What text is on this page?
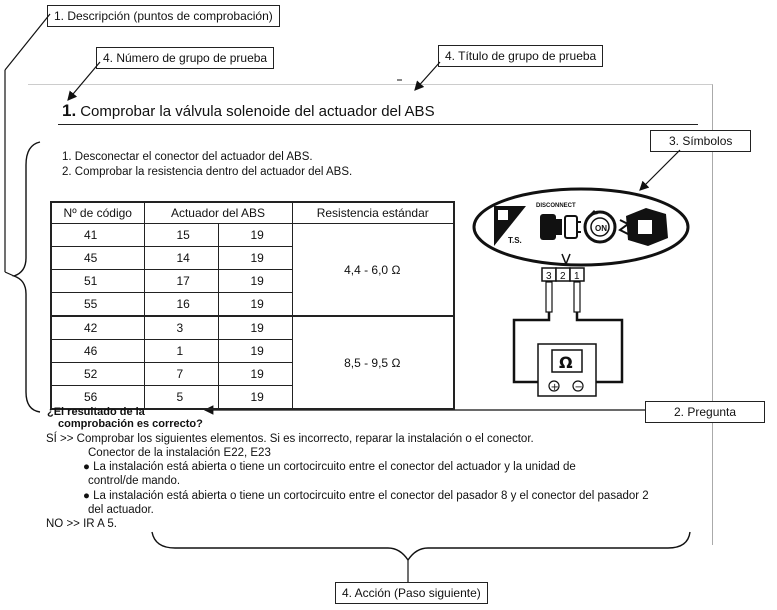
1. Descripción (puntos de comprobación)
4. Número de grupo de prueba	4. Título de grupo de prueba
3. Símbolos
2. Pregunta
4. Acción (Paso siguiente)
1. Comprobar la válvula solenoide del actuador del ABS
1. Desconectar el conector del actuador del ABS.
2. Comprobar la resistencia dentro del actuador del ABS.
Nº de código	Actuador del ABS		Resistencia estándar
41	15	19	4,4 - 6,0 Ω
45	14	19	
51	17	19	
55	16	19	
42	3	19	8,5 - 9,5 Ω
46	1	19	
52	7	19	
56	5	19	
T.S.
DISCONNECT
ON
3 2 1
Ω
+ −
¿El resultado de la
comprobación es correcto?
SÍ >> Comprobar los siguientes elementos. Si es incorrecto, reparar la instalación o el conector.
Conector de la instalación E22, E23
● La instalación está abierta o tiene un cortocircuito entre el conector del actuador y la unidad de
control/de mando.
● La instalación está abierta o tiene un cortocircuito entre el conector del pasador 8 y el conector del pasador 2
del actuador.
NO >> IR A 5.
